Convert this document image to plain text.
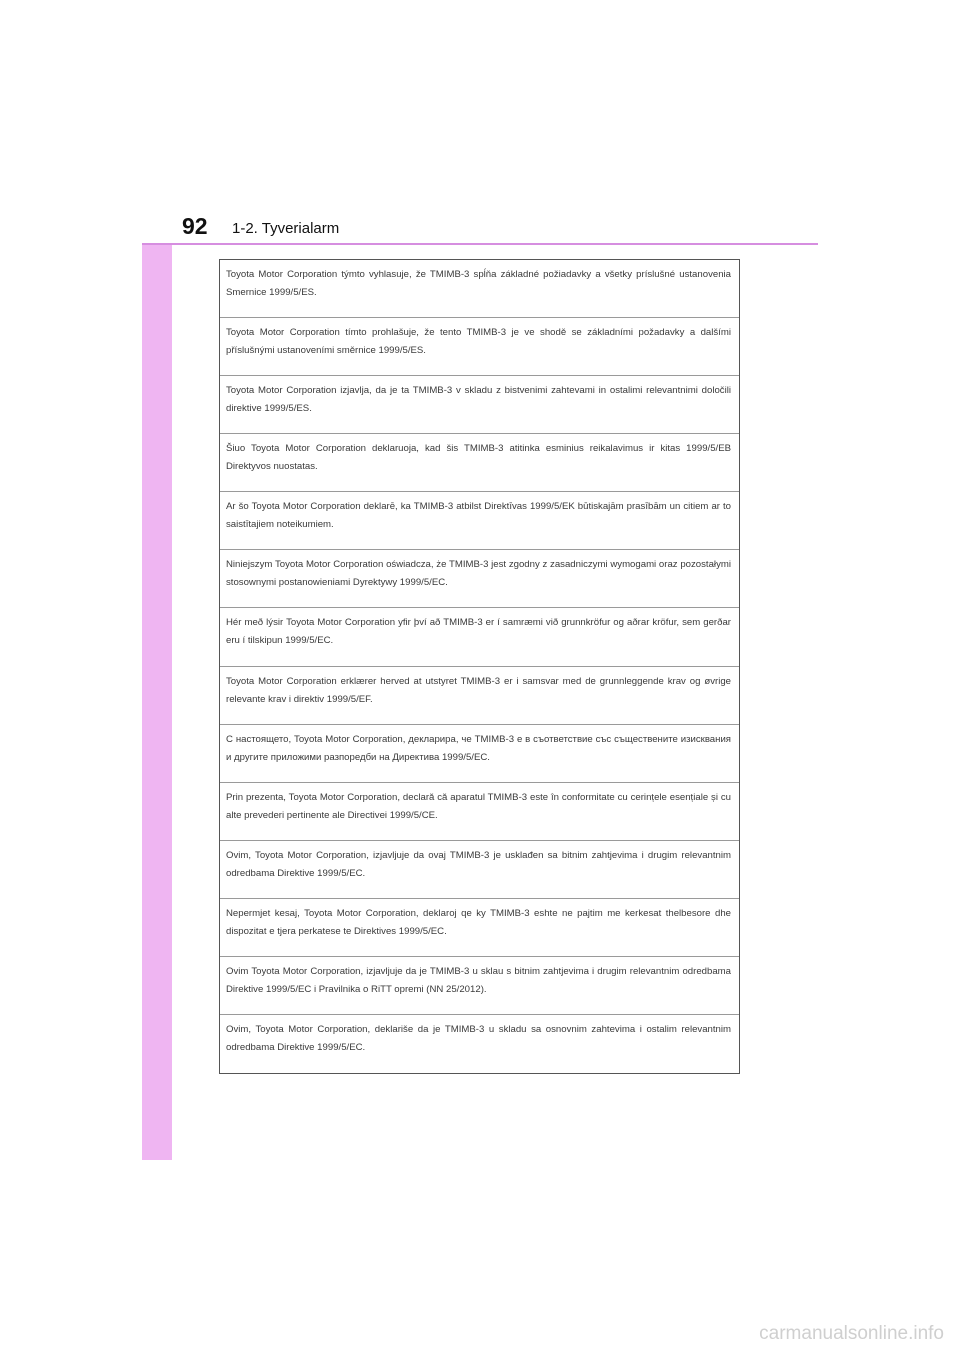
92 1-2. Tyverialarm
Toyota Motor Corporation týmto vyhlasuje, že TMIMB-3 spĺňa základné požiadavky a všetky príslušné ustanovenia Smernice 1999/5/ES.
Toyota Motor Corporation tímto prohlašuje, že tento TMIMB-3 je ve shodě se základními požadavky a dalšími příslušnými ustanoveními směrnice 1999/5/ES.
Toyota Motor Corporation izjavlja, da je ta TMIMB-3 v skladu z bistvenimi zahtevami in ostalimi relevantnimi določili direktive 1999/5/ES.
Šiuo Toyota Motor Corporation deklaruoja, kad šis TMIMB-3 atitinka esminius reikalavimus ir kitas 1999/5/EB Direktyvos nuostatas.
Ar šo Toyota Motor Corporation deklarē, ka TMIMB-3 atbilst Direktīvas 1999/5/EK būtiskajām prasībām un citiem ar to saistītajiem noteikumiem.
Niniejszym Toyota Motor Corporation oświadcza, że TMIMB-3 jest zgodny z zasadniczymi wymogami oraz pozostałymi stosownymi postanowieniami Dyrektywy 1999/5/EC.
Hér með lýsir Toyota Motor Corporation yfir því að TMIMB-3 er í samræmi við grunnkröfur og aðrar kröfur, sem gerðar eru í tilskipun 1999/5/EC.
Toyota Motor Corporation erklærer herved at utstyret TMIMB-3 er i samsvar med de grunnleggende krav og øvrige relevante krav i direktiv 1999/5/EF.
С настоящето, Toyota Motor Corporation, декларира, че TMIMB-3 е в съответствие със съществените изисквания и другите приложими разпоредби на Директива 1999/5/EC.
Prin prezenta, Toyota Motor Corporation, declară că aparatul TMIMB-3 este în conformitate cu cerințele esențiale și cu alte prevederi pertinente ale Directivei 1999/5/CE.
Ovim, Toyota Motor Corporation, izjavljuje da ovaj TMIMB-3 je usklađen sa bitnim zahtjevima i drugim relevantnim odredbama Direktive 1999/5/EC.
Nepermjet kesaj, Toyota Motor Corporation, deklaroj qe ky TMIMB-3 eshte ne pajtim me kerkesat thelbesore dhe dispozitat e tjera perkatese te Direktives 1999/5/EC.
Ovim Toyota Motor Corporation, izjavljuje da je TMIMB-3 u sklau s bitnim zahtjevima i drugim relevantnim odredbama Direktive 1999/5/EC i Pravilnika o RiTT opremi (NN 25/2012).
Ovim, Toyota Motor Corporation, deklariše da je TMIMB-3 u skladu sa osnovnim zahtevima i ostalim relevantnim odredbama Direktive 1999/5/EC.
carmanualsonline.info
